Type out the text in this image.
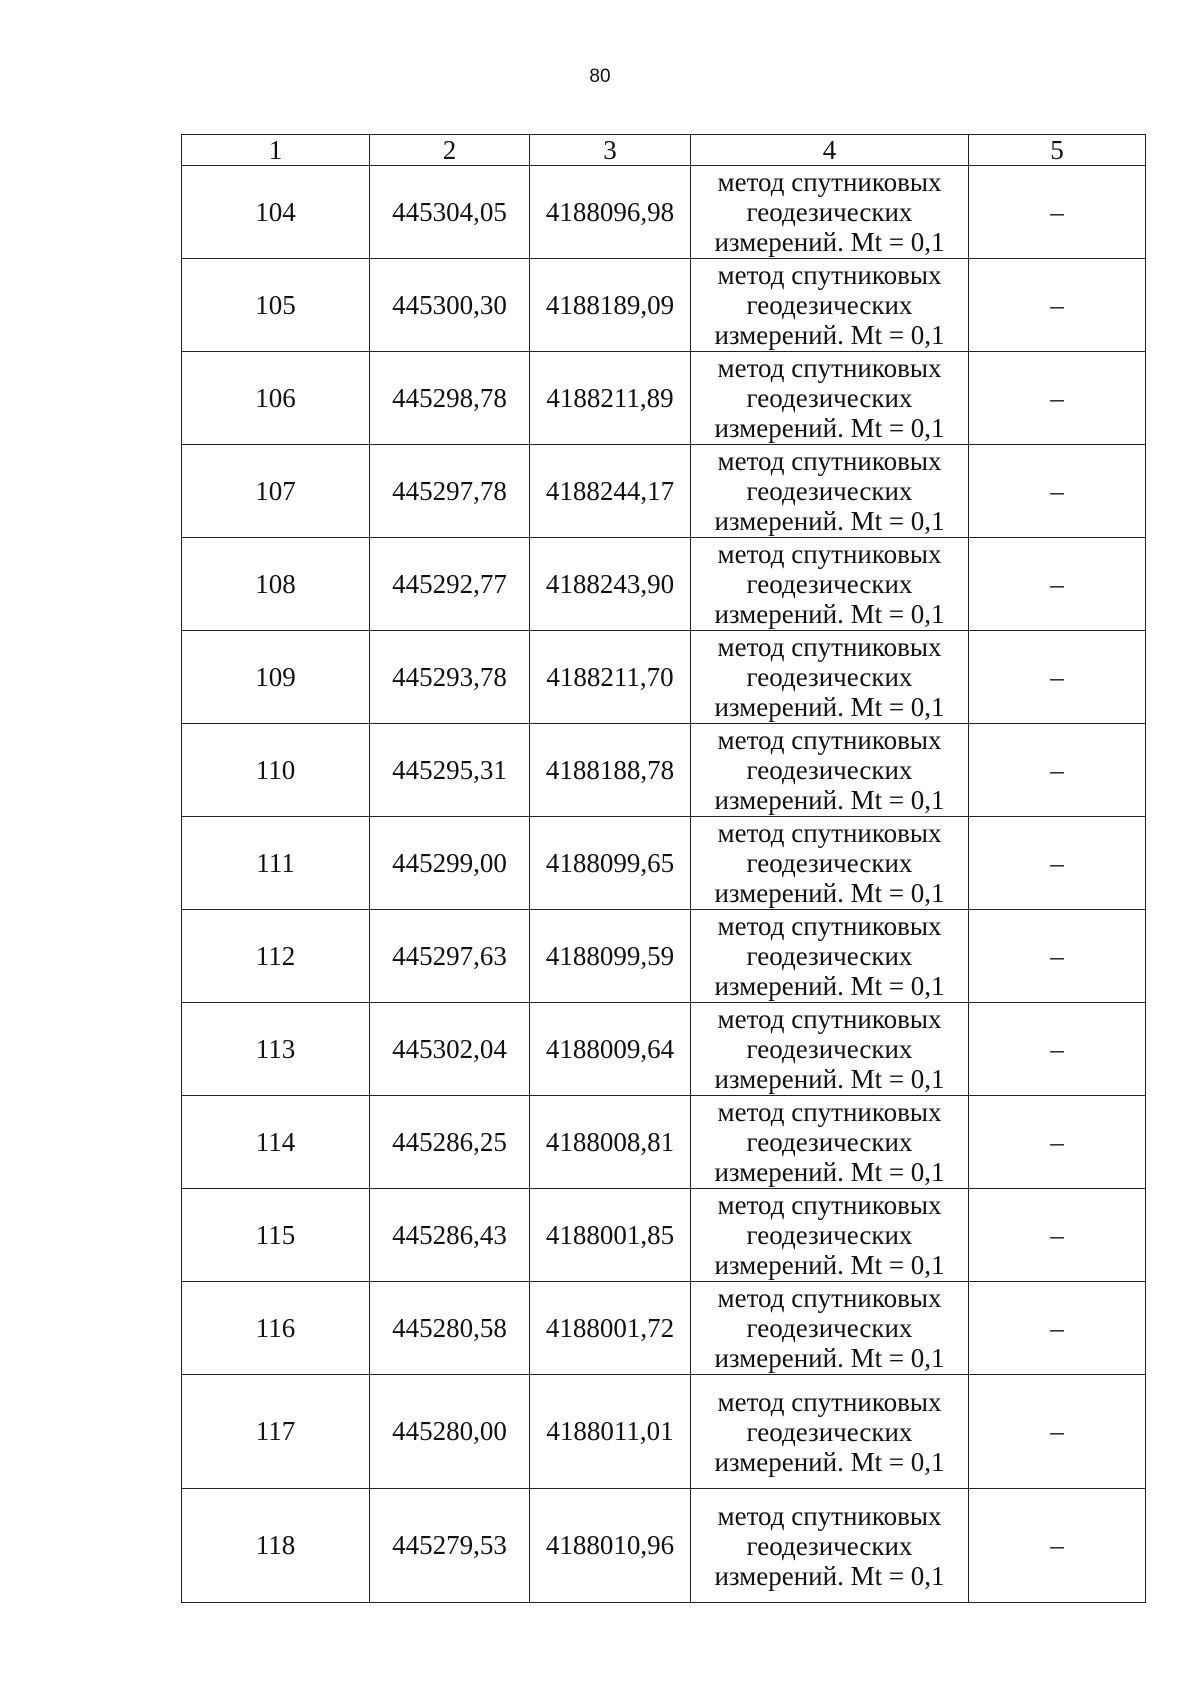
80
1	2	3	4	5
104	445304,05	4188096,98	метод спутниковых
геодезических
измерений. Mt = 0,1	–
105	445300,30	4188189,09	метод спутниковых
геодезических
измерений. Mt = 0,1	–
106	445298,78	4188211,89	метод спутниковых
геодезических
измерений. Mt = 0,1	–
107	445297,78	4188244,17	метод спутниковых
геодезических
измерений. Mt = 0,1	–
108	445292,77	4188243,90	метод спутниковых
геодезических
измерений. Mt = 0,1	–
109	445293,78	4188211,70	метод спутниковых
геодезических
измерений. Mt = 0,1	–
110	445295,31	4188188,78	метод спутниковых
геодезических
измерений. Mt = 0,1	–
111	445299,00	4188099,65	метод спутниковых
геодезических
измерений. Mt = 0,1	–
112	445297,63	4188099,59	метод спутниковых
геодезических
измерений. Mt = 0,1	–
113	445302,04	4188009,64	метод спутниковых
геодезических
измерений. Mt = 0,1	–
114	445286,25	4188008,81	метод спутниковых
геодезических
измерений. Mt = 0,1	–
115	445286,43	4188001,85	метод спутниковых
геодезических
измерений. Mt = 0,1	–
116	445280,58	4188001,72	метод спутниковых
геодезических
измерений. Mt = 0,1	–
117	445280,00	4188011,01	метод спутниковых
геодезических
измерений. Mt = 0,1	–
118	445279,53	4188010,96	метод спутниковых
геодезических
измерений. Mt = 0,1	–
